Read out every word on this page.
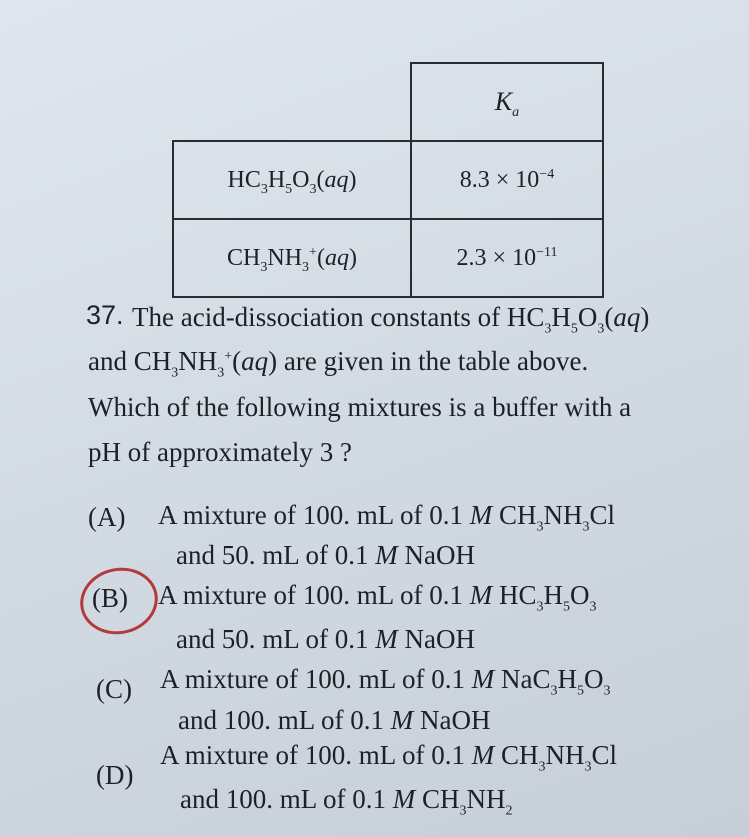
	$K_a$
$HC_3H_5O_3(aq)$	$8.3 \times 10^{-4}$
$CH_3NH_3^+(aq)$	$2.3 \times 10^{-11}$
37. The acid-dissociation constants of $HC_3H_5O_3(aq)$
and $CH_3NH_3^+(aq)$ are given in the table above.
Which of the following mixtures is a buffer with a
pH of approximately 3 ?
(A) A mixture of 100. mL of 0.1 M $CH_3NH_3Cl$
and 50. mL of 0.1 M NaOH
(B) A mixture of 100. mL of 0.1 M $HC_3H_5O_3$
and 50. mL of 0.1 M NaOH
(C) A mixture of 100. mL of 0.1 M $NaC_3H_5O_3$
and 100. mL of 0.1 M NaOH
(D)
A mixture of 100. mL of 0.1 M $CH_3NH_3Cl$
and 100. mL of 0.1 M $CH_3NH_2$
